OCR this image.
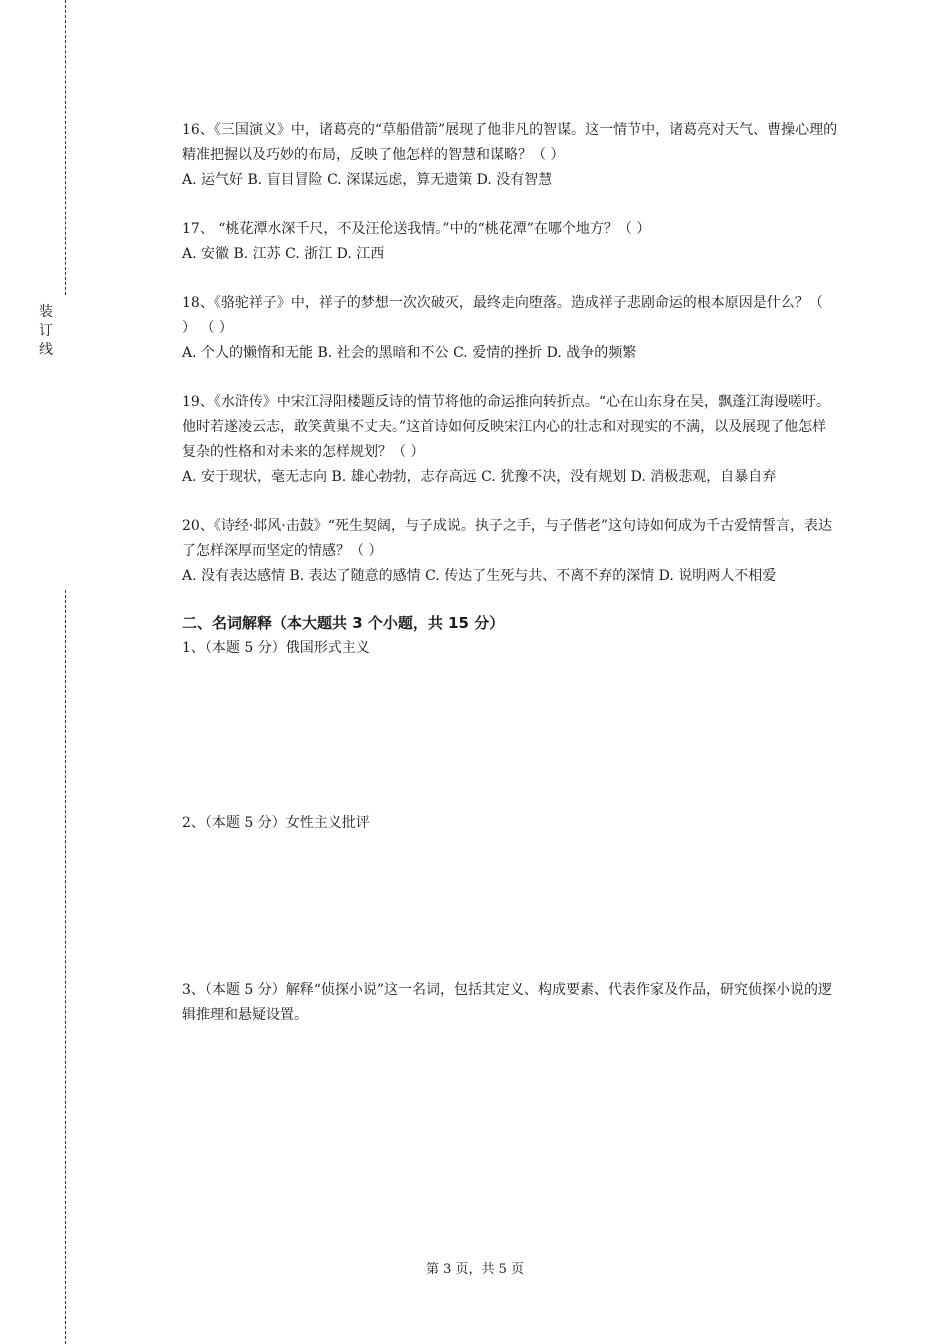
装订线

16、《三国演义》中，诸葛亮的“草船借箭”展现了他非凡的智谋。这一情节中，诸葛亮对天气、曹操心理的精准把握以及巧妙的布局，反映了他怎样的智慧和谋略？（ ）

A. 运气好 B. 盲目冒险 C. 深谋远虑，算无遗策 D. 没有智慧

17、 “桃花潭水深千尺，不及汪伦送我情。”中的“桃花潭”在哪个地方？（ ）

A. 安徽 B. 江苏 C. 浙江 D. 江西

18、《骆驼祥子》中，祥子的梦想一次次破灭，最终走向堕落。造成祥子悲剧命运的根本原因是什么？（ ） （ ）

A. 个人的懒惰和无能 B. 社会的黑暗和不公 C. 爱情的挫折 D. 战争的频繁

19、《水浒传》中宋江浔阳楼题反诗的情节将他的命运推向转折点。“心在山东身在吴，飘蓬江海谩嗟吁。他时若遂凌云志，敢笑黄巢不丈夫。”这首诗如何反映宋江内心的壮志和对现实的不满，以及展现了他怎样复杂的性格和对未来的怎样规划？（ ）

A. 安于现状，毫无志向 B. 雄心勃勃，志存高远 C. 犹豫不决，没有规划 D. 消极悲观，自暴自弃

20、《诗经·邶风·击鼓》“死生契阔，与子成说。执子之手，与子偕老”这句诗如何成为千古爱情誓言，表达了怎样深厚而坚定的情感？（ ）

A. 没有表达感情 B. 表达了随意的感情 C. 传达了生死与共、不离不弃的深情 D. 说明两人不相爱

二、名词解释（本大题共 3 个小题，共 15 分）

1、（本题 5 分）俄国形式主义

2、（本题 5 分）女性主义批评

3、（本题 5 分）解释“侦探小说”这一名词，包括其定义、构成要素、代表作家及作品，研究侦探小说的逻辑推理和悬疑设置。

第 3 页，共 5 页
